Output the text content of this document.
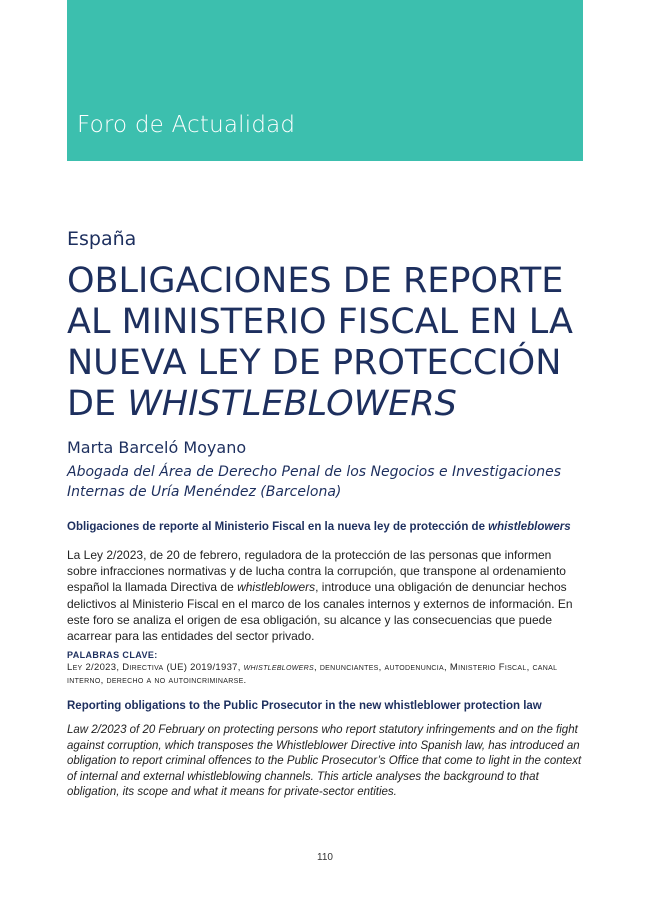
Foro de Actualidad
España
OBLIGACIONES DE REPORTE AL MINISTERIO FISCAL EN LA NUEVA LEY DE PROTECCIÓN DE WHISTLEBLOWERS
Marta Barceló Moyano
Abogada del Área de Derecho Penal de los Negocios e Investigaciones Internas de Uría Menéndez (Barcelona)
Obligaciones de reporte al Ministerio Fiscal en la nueva ley de protección de whistleblowers

La Ley 2/2023, de 20 de febrero, reguladora de la protección de las personas que informen sobre infracciones normativas y de lucha contra la corrupción, que transpone al ordenamiento español la llamada Directiva de whistleblowers, introduce una obligación de denunciar hechos delictivos al Ministerio Fiscal en el marco de los canales internos y externos de información. En este foro se analiza el origen de esa obligación, su alcance y las consecuencias que puede acarrear para las entidades del sector privado.

PALABRAS CLAVE:

Ley 2/2023, Directiva (UE) 2019/1937, whistleblowers, denunciantes, autodenuncia, Ministerio Fiscal, canal interno, derecho a no autoincriminarse.

Reporting obligations to the Public Prosecutor in the new whistleblower protection law

Law 2/2023 of 20 February on protecting persons who report statutory infringements and on the fight against corruption, which transposes the Whistleblower Directive into Spanish law, has introduced an obligation to report criminal offences to the Public Prosecutor’s Office that come to light in the context of internal and external whistleblowing channels. This article analyses the background to that obligation, its scope and what it means for private-sector entities.

110
